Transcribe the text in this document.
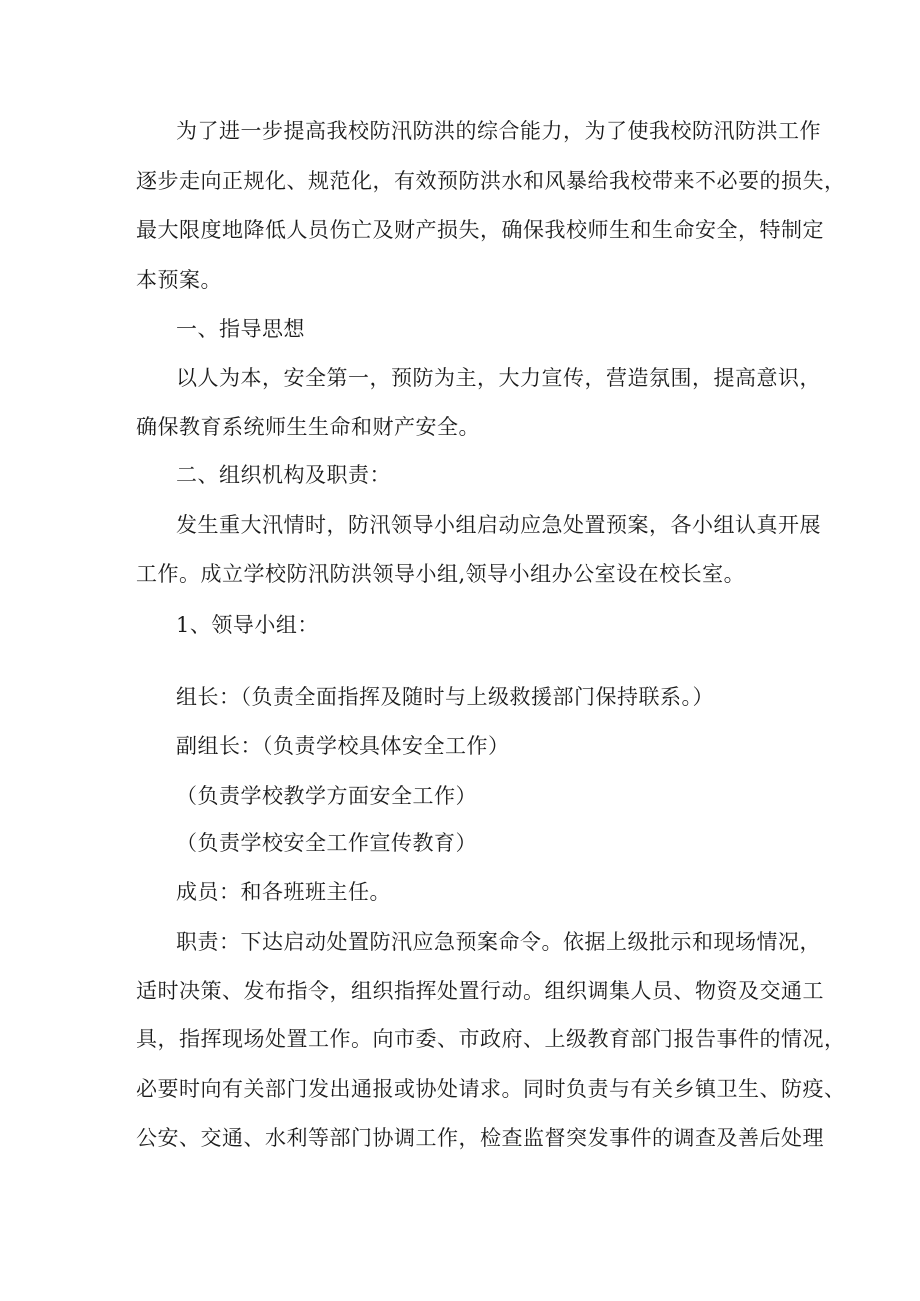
为了进一步提高我校防汛防洪的综合能力，为了使我校防汛防洪工作
逐步走向正规化、规范化，有效预防洪水和风暴给我校带来不必要的损失，
最大限度地降低人员伤亡及财产损失，确保我校师生和生命安全，特制定
本预案。
一、指导思想
以人为本，安全第一，预防为主，大力宣传，营造氛围，提高意识，
确保教育系统师生生命和财产安全。
二、组织机构及职责：
发生重大汛情时，防汛领导小组启动应急处置预案，各小组认真开展
工作。成立学校防汛防洪领导小组,领导小组办公室设在校长室。
1、领导小组：
组长：（负责全面指挥及随时与上级救援部门保持联系。）
副组长：（负责学校具体安全工作）
（负责学校教学方面安全工作）
（负责学校安全工作宣传教育）
成员：和各班班主任。
职责：下达启动处置防汛应急预案命令。依据上级批示和现场情况，
适时决策、发布指令，组织指挥处置行动。组织调集人员、物资及交通工
具，指挥现场处置工作。向市委、市政府、上级教育部门报告事件的情况，
必要时向有关部门发出通报或协处请求。同时负责与有关乡镇卫生、防疫、
公安、交通、水利等部门协调工作，检查监督突发事件的调查及善后处理
